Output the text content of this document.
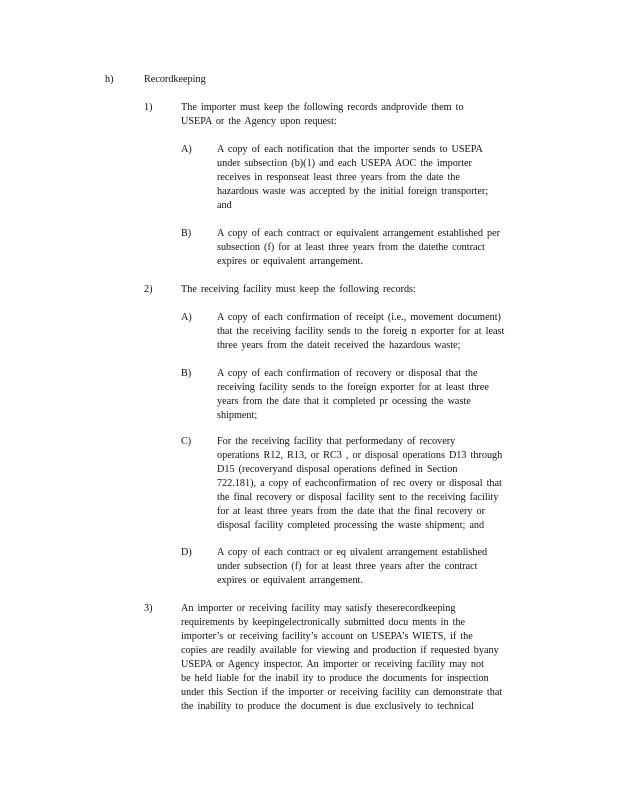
h)	Recordkeeping
1)	The importer must keep the following records andprovide them to
USEPA or the Agency upon request:
A) A copy of each notification that the importer sends to USEPA
under subsection (b)(1) and each USEPA AOC the importer
receives in responseat least three years from the date the
hazardous waste was accepted by the initial foreign transporter;
and
B)	A copy of each contract or equivalent arrangement established per
subsection (f) for at least three years from the datethe contract
expires or equivalent arrangement.
2)	The receiving facility must keep the following records:
A) A copy of each confirmation of receipt (i.e., movement document)
that the receiving facility sends to the foreig n exporter for at least
three years from the dateit received the hazardous waste;
B)	A copy of each confirmation of recovery or disposal that the
receiving facility sends to the foreign exporter for at least three
years from the date that it completed pr ocessing the waste
shipment;
C)	For the receiving facility that performedany of recovery
operations R12, R13, or RC3 , or disposal operations D13 through
D15 (recoveryand disposal operations defined in Section
722.181), a copy of eachconfirmation of rec overy or disposal that
the final recovery or disposal facility sent to the receiving facility
for at least three years from the date that the final recovery or
disposal facility completed processing the waste shipment; and
D) A copy of each contract or eq uivalent arrangement established
under subsection (f) for at least three years after the contract
expires or equivalent arrangement.
3)	An importer or receiving facility may satisfy theserecordkeeping
requirements by keepingelectronically submitted docu ments in the
importer’s or receiving facility’s account on USEPA’s WIETS, if the
copies are readily available for viewing and production if requested byany
USEPA or Agency inspector. An importer or receiving facility may not
be held liable for the inabil ity to produce the documents for inspection
under this Section if the importer or receiving facility can demonstrate that
the inability to produce the document is due exclusively to technical
